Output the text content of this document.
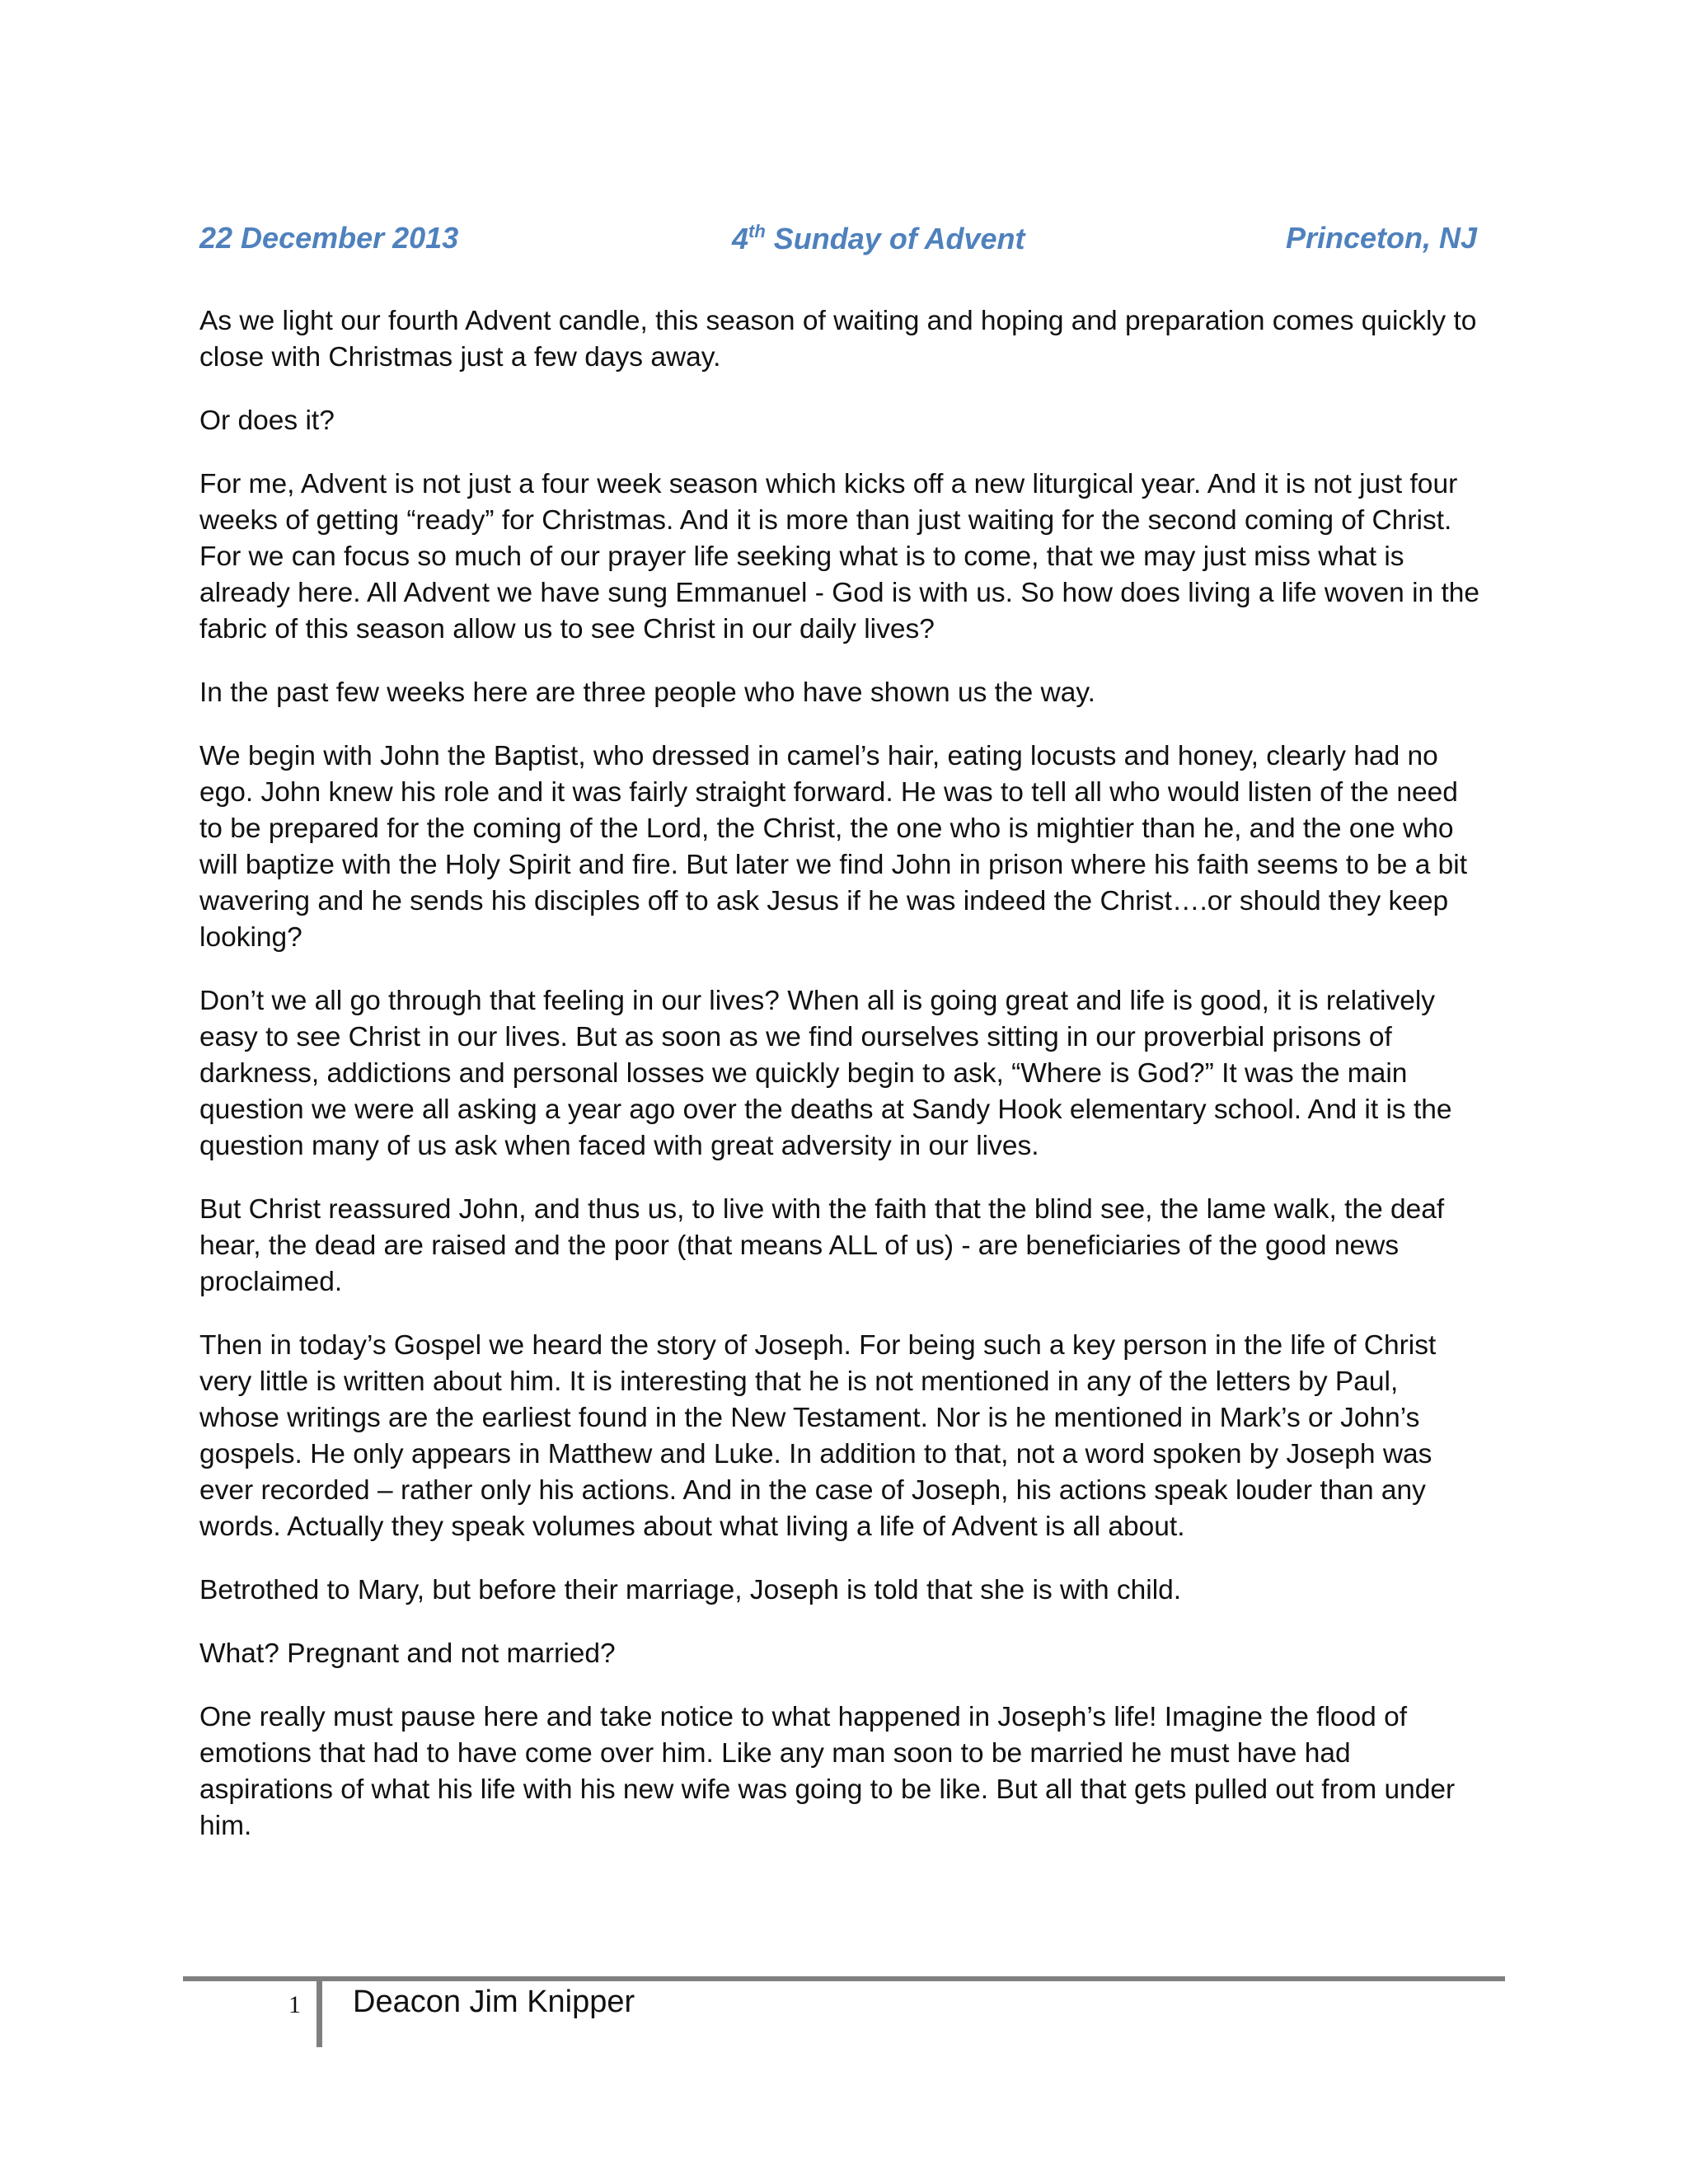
22 December 2013	4th Sunday of Advent	Princeton, NJ

As we light our fourth Advent candle, this season of waiting and hoping and preparation comes quickly to close with Christmas just a few days away.

Or does it?

For me, Advent is not just a four week season which kicks off a new liturgical year. And it is not just four weeks of getting “ready” for Christmas. And it is more than just waiting for the second coming of Christ. For we can focus so much of our prayer life seeking what is to come, that we may just miss what is already here. All Advent we have sung Emmanuel - God is with us. So how does living a life woven in the fabric of this season allow us to see Christ in our daily lives?

In the past few weeks here are three people who have shown us the way.

We begin with John the Baptist, who dressed in camel’s hair, eating locusts and honey, clearly had no ego. John knew his role and it was fairly straight forward. He was to tell all who would listen of the need to be prepared for the coming of the Lord, the Christ, the one who is mightier than he, and the one who will baptize with the Holy Spirit and fire. But later we find John in prison where his faith seems to be a bit wavering and he sends his disciples off to ask Jesus if he was indeed the Christ….or should they keep looking?

Don’t we all go through that feeling in our lives? When all is going great and life is good, it is relatively easy to see Christ in our lives. But as soon as we find ourselves sitting in our proverbial prisons of darkness, addictions and personal losses we quickly begin to ask, “Where is God?” It was the main question we were all asking a year ago over the deaths at Sandy Hook elementary school. And it is the question many of us ask when faced with great adversity in our lives.

But Christ reassured John, and thus us, to live with the faith that the blind see, the lame walk, the deaf hear, the dead are raised and the poor (that means ALL of us) - are beneficiaries of the good news proclaimed.

Then in today’s Gospel we heard the story of Joseph. For being such a key person in the life of Christ very little is written about him. It is interesting that he is not mentioned in any of the letters by Paul, whose writings are the earliest found in the New Testament. Nor is he mentioned in Mark’s or John’s gospels. He only appears in Matthew and Luke. In addition to that, not a word spoken by Joseph was ever recorded – rather only his actions. And in the case of Joseph, his actions speak louder than any words. Actually they speak volumes about what living a life of Advent is all about.

Betrothed to Mary, but before their marriage, Joseph is told that she is with child.

What? Pregnant and not married?

One really must pause here and take notice to what happened in Joseph’s life! Imagine the flood of emotions that had to have come over him. Like any man soon to be married he must have had aspirations of what his life with his new wife was going to be like. But all that gets pulled out from under him.

1 Deacon Jim Knipper
